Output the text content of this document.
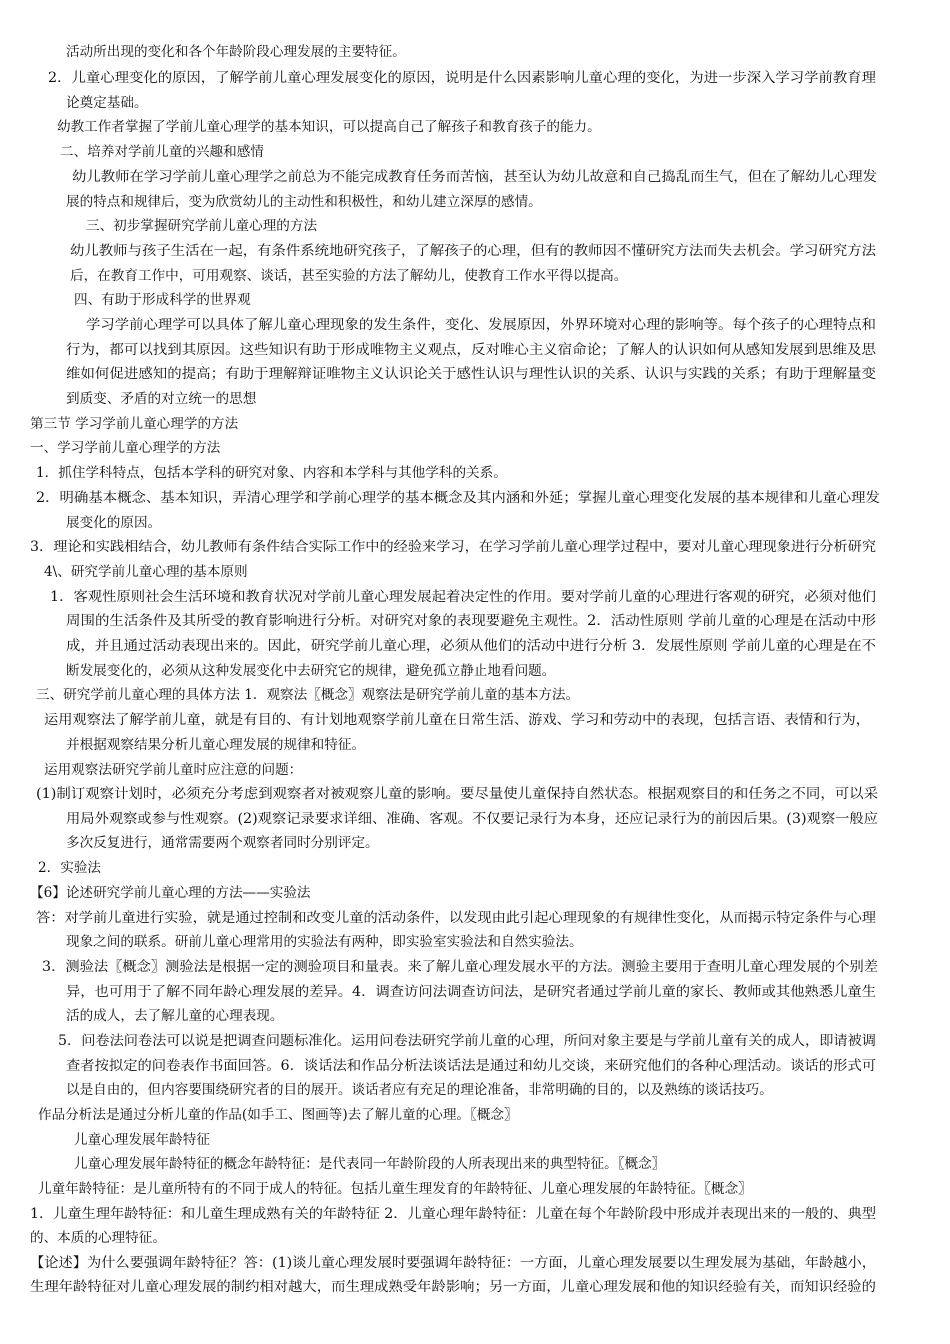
活动所出现的变化和各个年龄阶段心理发展的主要特征。
2．儿童心理变化的原因，了解学前儿童心理发展变化的原因，说明是什么因素影响儿童心理的变化，为进一步深入学习学前教育理
论奠定基础。
幼教工作者掌握了学前儿童心理学的基本知识，可以提高自己了解孩子和教育孩子的能力。
二、培养对学前儿童的兴趣和感情
幼儿教师在学习学前儿童心理学之前总为不能完成教育任务而苦恼，甚至认为幼儿故意和自己捣乱而生气，但在了解幼儿心理发
展的特点和规律后，变为欣赏幼儿的主动性和积极性，和幼儿建立深厚的感情。
三、初步掌握研究学前儿童心理的方法
幼儿教师与孩子生活在一起，有条件系统地研究孩子，了解孩子的心理，但有的教师因不懂研究方法而失去机会。学习研究方法
后，在教育工作中，可用观察、谈话，甚至实验的方法了解幼儿，使教育工作水平得以提高。
四、有助于形成科学的世界观
学习学前心理学可以具体了解儿童心理现象的发生条件，变化、发展原因，外界环境对心理的影响等。每个孩子的心理特点和
行为，都可以找到其原因。这些知识有助于形成唯物主义观点，反对唯心主义宿命论；了解人的认识如何从感知发展到思维及思
维如何促进感知的提高；有助于理解辩证唯物主义认识论关于感性认识与理性认识的关系、认识与实践的关系；有助于理解量变
到质变、矛盾的对立统一的思想
第三节 学习学前儿童心理学的方法
一、学习学前儿童心理学的方法
1．抓住学科特点，包括本学科的研究对象、内容和本学科与其他学科的关系。
2．明确基本概念、基本知识，弄清心理学和学前心理学的基本概念及其内涵和外延；掌握儿童心理变化发展的基本规律和儿童心理发
展变化的原因。
3．理论和实践相结合，幼儿教师有条件结合实际工作中的经验来学习，在学习学前儿童心理学过程中，要对儿童心理现象进行分析研究
4\、研究学前儿童心理的基本原则
1．客观性原则社会生活环境和教育状况对学前儿童心理发展起着决定性的作用。要对学前儿童的心理进行客观的研究，必须对他们
周围的生活条件及其所受的教育影响进行分析。对研究对象的表现要避免主观性。2．活动性原则 学前儿童的心理是在活动中形
成，并且通过活动表现出来的。因此，研究学前儿童心理，必须从他们的活动中进行分析 3．发展性原则 学前儿童的心理是在不
断发展变化的，必须从这种发展变化中去研究它的规律，避免孤立静止地看问题。
三、研究学前儿童心理的具体方法 1．观察法〖概念〗观察法是研究学前儿童的基本方法。
运用观察法了解学前儿童，就是有目的、有计划地观察学前儿童在日常生活、游戏、学习和劳动中的表现，包括言语、表情和行为，
并根据观察结果分析儿童心理发展的规律和特征。
运用观察法研究学前儿童时应注意的问题：
(1)制订观察计划时，必须充分考虑到观察者对被观察儿童的影响。要尽量使儿童保持自然状态。根据观察目的和任务之不同，可以采
用局外观察或参与性观察。(2)观察记录要求详细、准确、客观。不仅要记录行为本身，还应记录行为的前因后果。(3)观察一般应
多次反复进行，通常需要两个观察者同时分别评定。
2．实验法
【6】论述研究学前儿童心理的方法——实验法
答：对学前儿童进行实验，就是通过控制和改变儿童的活动条件，以发现由此引起心理现象的有规律性变化，从而揭示特定条件与心理
现象之间的联系。研前儿童心理常用的实验法有两种，即实验室实验法和自然实验法。
3．测验法〖概念〗测验法是根据一定的测验项目和量表。来了解儿童心理发展水平的方法。测验主要用于查明儿童心理发展的个别差
异，也可用于了解不同年龄心理发展的差异。4．调查访问法调查访问法，是研究者通过学前儿童的家长、教师或其他熟悉儿童生
活的成人，去了解儿童的心理表现。
5．问卷法问卷法可以说是把调查问题标准化。运用问卷法研究学前儿童的心理，所问对象主要是与学前儿童有关的成人，即请被调
查者按拟定的问卷表作书面回答。6．谈话法和作品分析法谈话法是通过和幼儿交谈，来研究他们的各种心理活动。谈话的形式可
以是自由的，但内容要围绕研究者的目的展开。谈话者应有充足的理论准备，非常明确的目的，以及熟练的谈话技巧。
作品分析法是通过分析儿童的作品(如手工、图画等)去了解儿童的心理。〖概念〗
儿童心理发展年龄特征
儿童心理发展年龄特征的概念年龄特征：是代表同一年龄阶段的人所表现出来的典型特征。〖概念〗
儿童年龄特征：是儿童所特有的不同于成人的特征。包括儿童生理发育的年龄特征、儿童心理发展的年龄特征。〖概念〗
1．儿童生理年龄特征：和儿童生理成熟有关的年龄特征 2．儿童心理年龄特征：儿童在每个年龄阶段中形成并表现出来的一般的、典型
的、本质的心理特征。
【论述】为什么要强调年龄特征？答：(1)谈儿童心理发展时要强调年龄特征：一方面，儿童心理发展要以生理发展为基础，年龄越小，
生理年龄特征对儿童心理发展的制约相对越大，而生理成熟受年龄影响；另一方面，儿童心理发展和他的知识经验有关，而知识经验的
